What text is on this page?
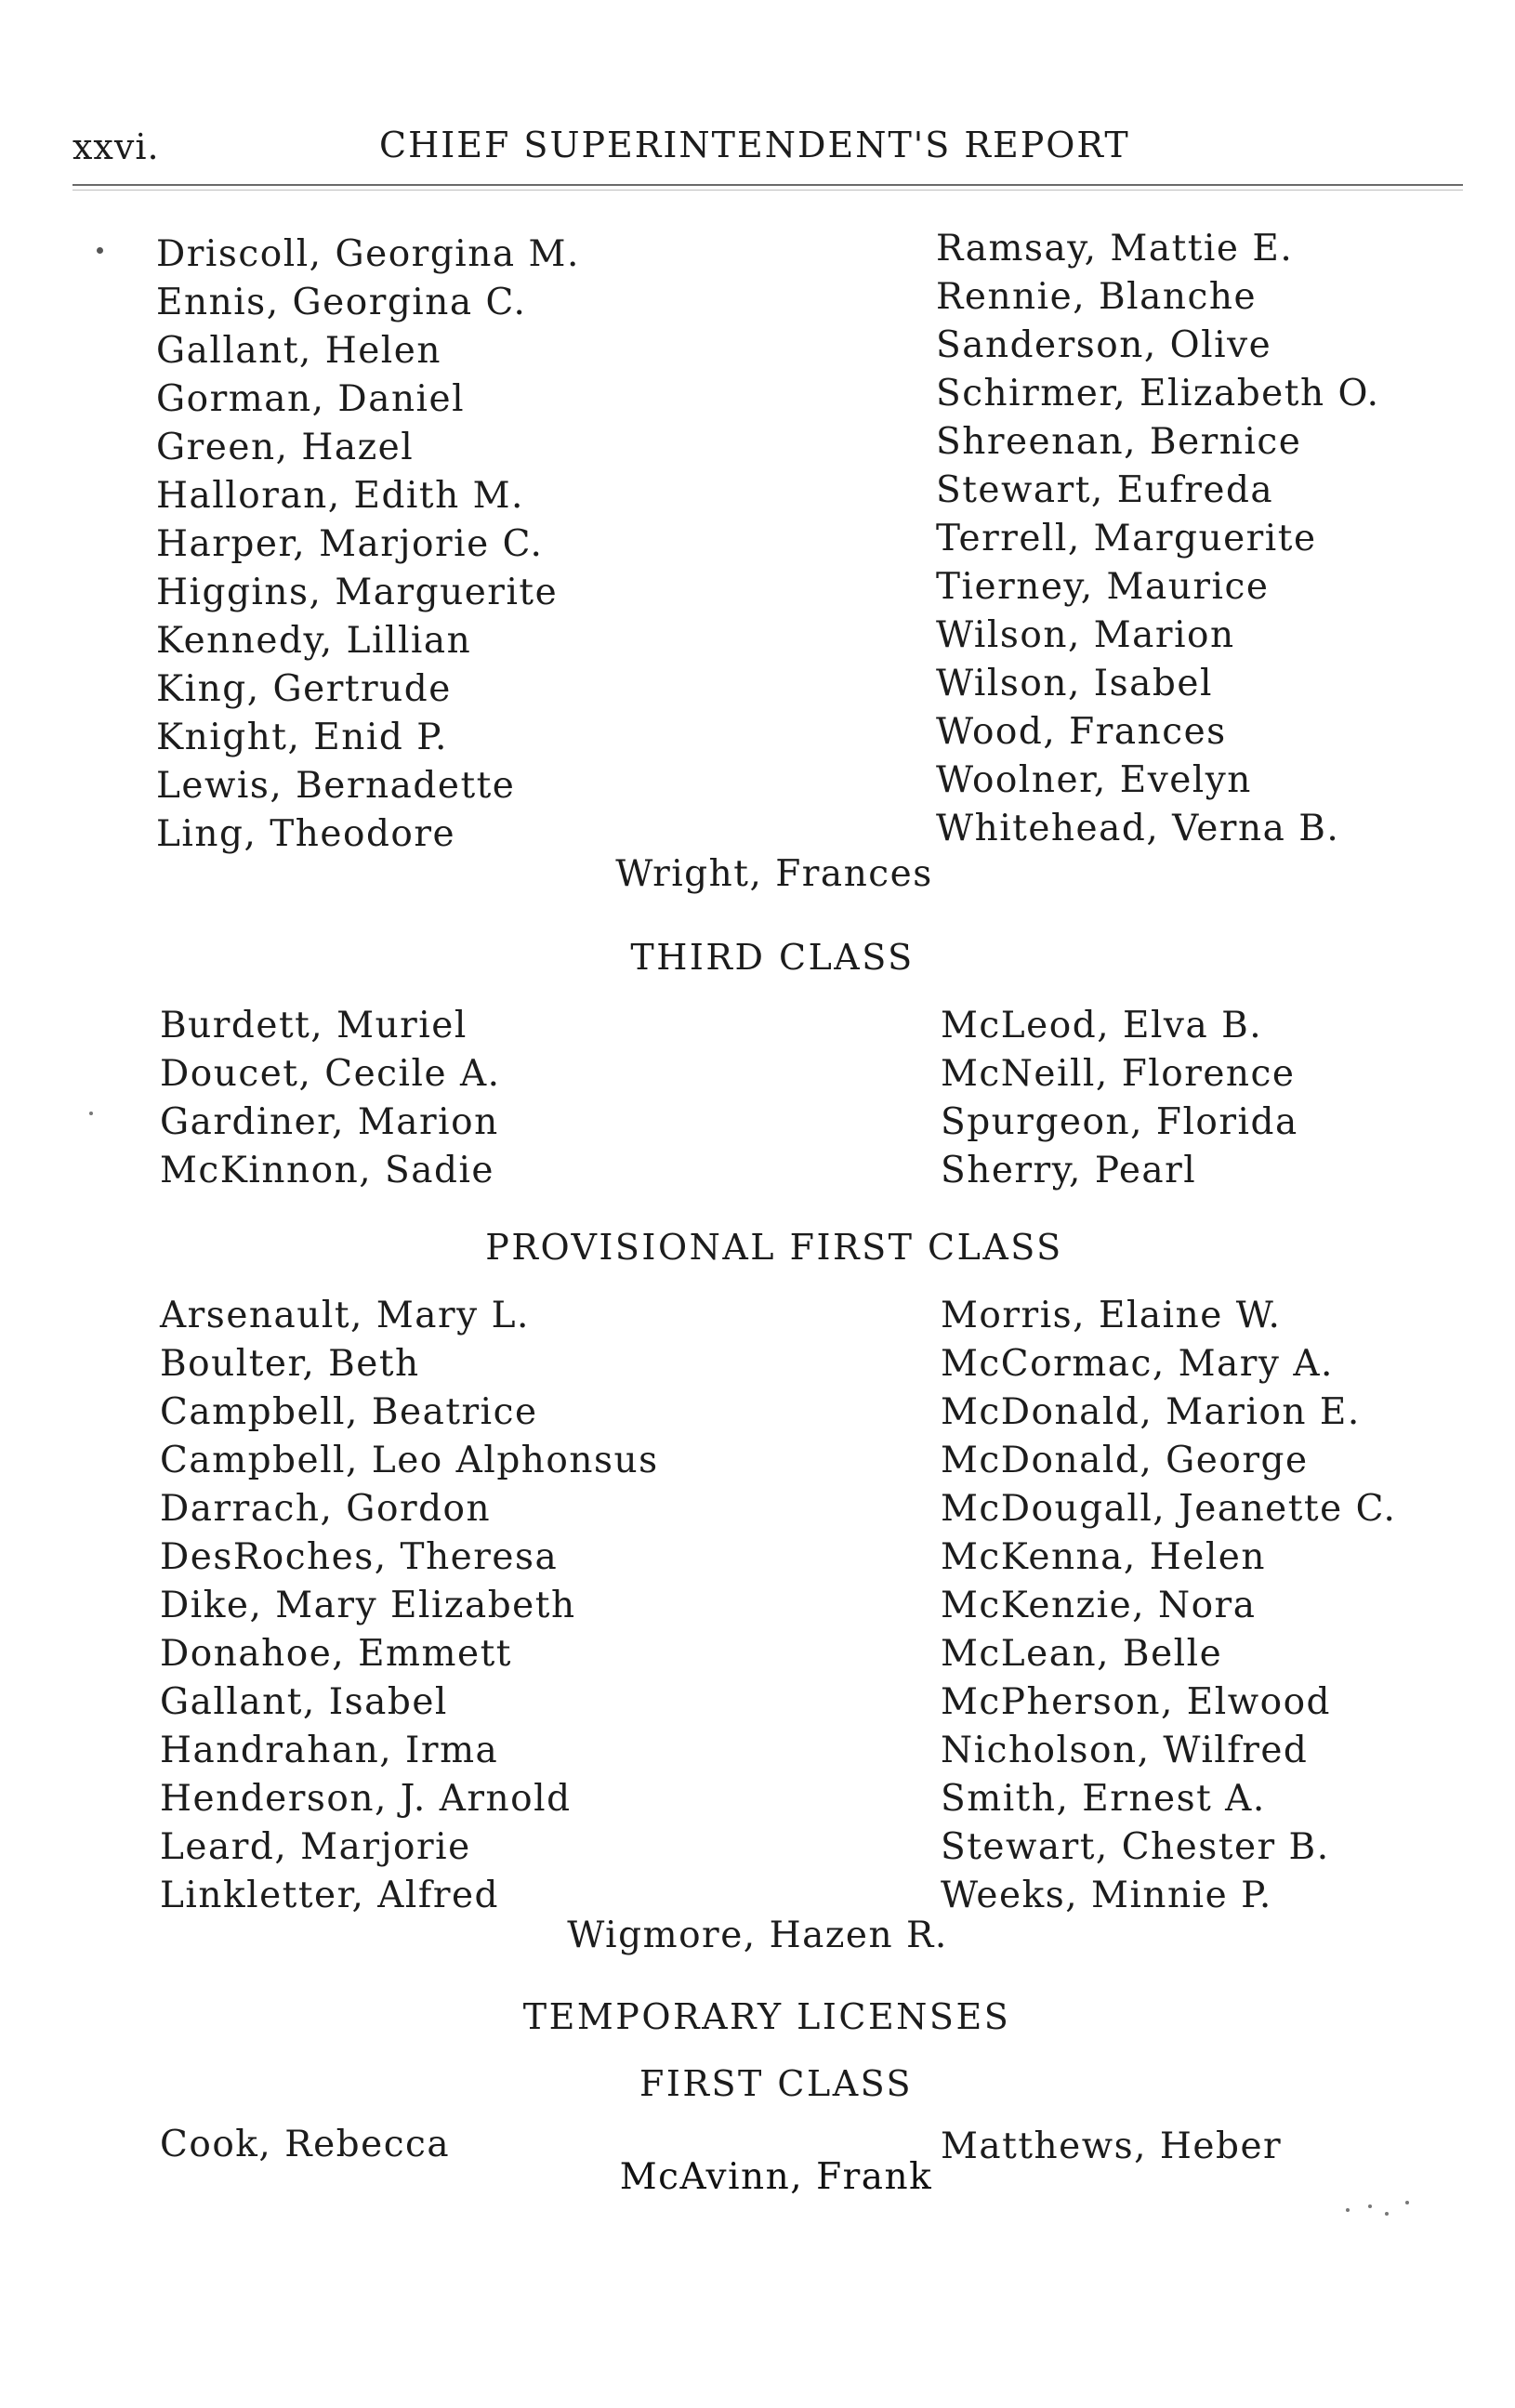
xxvi.	CHIEF SUPERINTENDENT'S REPORT
Driscoll, Georgina M.
Ennis, Georgina C.
Gallant, Helen
Gorman, Daniel
Green, Hazel
Halloran, Edith M.
Harper, Marjorie C.
Higgins, Marguerite
Kennedy, Lillian
King, Gertrude
Knight, Enid P.
Lewis, Bernadette
Ling, Theodore
Ramsay, Mattie E.
Rennie, Blanche
Sanderson, Olive
Schirmer, Elizabeth O.
Shreenan, Bernice
Stewart, Eufreda
Terrell, Marguerite
Tierney, Maurice
Wilson, Marion
Wilson, Isabel
Wood, Frances
Woolner, Evelyn
Whitehead, Verna B.
Wright, Frances
THIRD CLASS
Burdett, Muriel
Doucet, Cecile A.
Gardiner, Marion
McKinnon, Sadie
McLeod, Elva B.
McNeill, Florence
Spurgeon, Florida
Sherry, Pearl
PROVISIONAL FIRST CLASS
Arsenault, Mary L.
Boulter, Beth
Campbell, Beatrice
Campbell, Leo Alphonsus
Darrach, Gordon
DesRoches, Theresa
Dike, Mary Elizabeth
Donahoe, Emmett
Gallant, Isabel
Handrahan, Irma
Henderson, J. Arnold
Leard, Marjorie
Linkletter, Alfred
Morris, Elaine W.
McCormac, Mary A.
McDonald, Marion E.
McDonald, George
McDougall, Jeanette C.
McKenna, Helen
McKenzie, Nora
McLean, Belle
McPherson, Elwood
Nicholson, Wilfred
Smith, Ernest A.
Stewart, Chester B.
Weeks, Minnie P.
Wigmore, Hazen R.
TEMPORARY LICENSES
FIRST CLASS
Cook, Rebecca	Matthews, Heber
McAvinn, Frank
